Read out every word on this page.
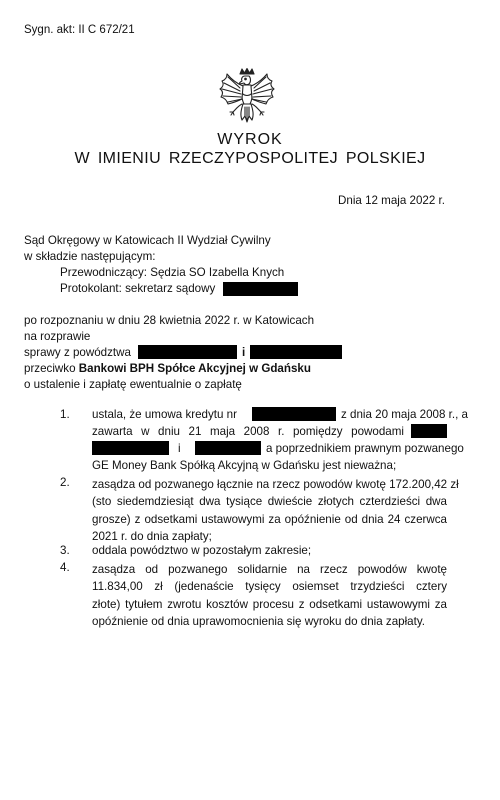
Sygn. akt: II C 672/21
WYROK
W IMIENIU RZECZYPOSPOLITEJ POLSKIEJ
Dnia 12 maja 2022 r.
Sąd Okręgowy w Katowicach II Wydział Cywilny
w składzie następującym:
Przewodniczący: Sędzia SO Izabella Knych
Protokolant: sekretarz sądowy
po rozpoznaniu w dniu 28 kwietnia 2022 r. w Katowicach
na rozprawie
sprawy z powództwa	i
przeciwko Bankowi BPH Spółce Akcyjnej w Gdańsku
o ustalenie i zapłatę ewentualnie o zapłatę
1. ustala, że umowa kredytu nr	z dnia 20 maja 2008 r., a
zawarta w dniu 21 maja 2008 r. pomiędzy powodami
i	a poprzednikiem prawnym pozwanego
GE Money Bank Spółką Akcyjną w Gdańsku jest nieważna;
2. zasądza od pozwanego łącznie na rzecz powodów kwotę 172.200,42 zł
(sto siedemdziesiąt dwa tysiące dwieście złotych czterdzieści dwa
grosze) z odsetkami ustawowymi za opóźnienie od dnia 24 czerwca
2021 r. do dnia zapłaty;
3. oddala powództwo w pozostałym zakresie;
4. zasądza od pozwanego solidarnie na rzecz powodów kwotę
11.834,00 zł (jedenaście tysięcy osiemset trzydzieści cztery
złote) tytułem zwrotu kosztów procesu z odsetkami ustawowymi za
opóźnienie od dnia uprawomocnienia się wyroku do dnia zapłaty.
